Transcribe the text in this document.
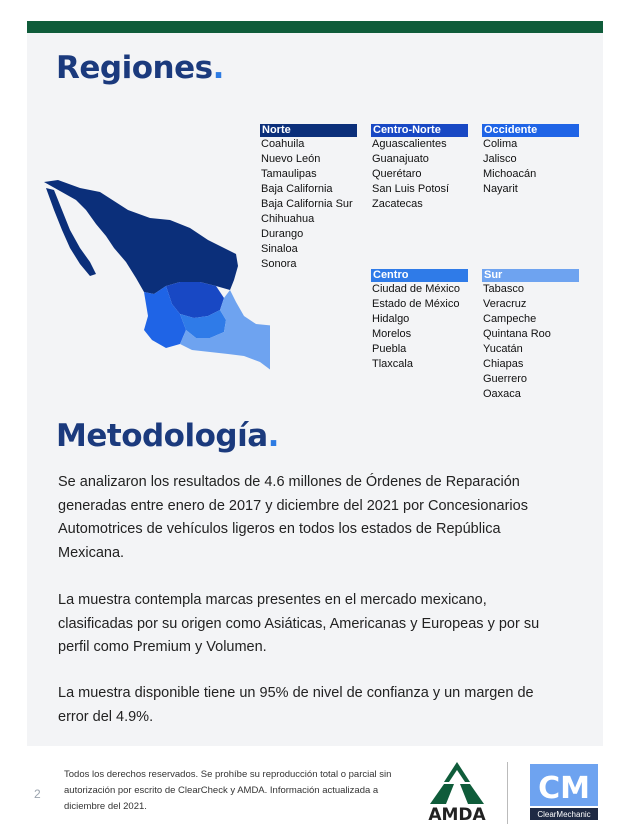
Regiones.
Norte
Coahuila
Nuevo León
Tamaulipas
Baja California
Baja California Sur
Chihuahua
Durango
Sinaloa
Sonora
Centro-Norte
Aguascalientes
Guanajuato
Querétaro
San Luis Potosí
Zacatecas
Occidente
Colima
Jalisco
Michoacán
Nayarit
Centro
Ciudad de México
Estado de México
Hidalgo
Morelos
Puebla
Tlaxcala
Sur
Tabasco
Veracruz
Campeche
Quintana Roo
Yucatán
Chiapas
Guerrero
Oaxaca
Metodología.
Se analizaron los resultados de 4.6 millones de Órdenes de Reparación generadas entre enero de 2017 y diciembre del 2021 por Concesionarios Automotrices de vehículos ligeros en todos los estados de República Mexicana.
La muestra contempla marcas presentes en el mercado mexicano, clasificadas por su origen como Asiáticas, Americanas y Europeas y por su perfil como Premium y Volumen.
La muestra disponible tiene un 95% de nivel de confianza y un margen de error del 4.9%.
2
Todos los derechos reservados. Se prohíbe su reproducción total o parcial sin autorización por escrito de ClearCheck y AMDA. Información actualizada a diciembre del 2021.	AMDA
CM
ClearMechanic
